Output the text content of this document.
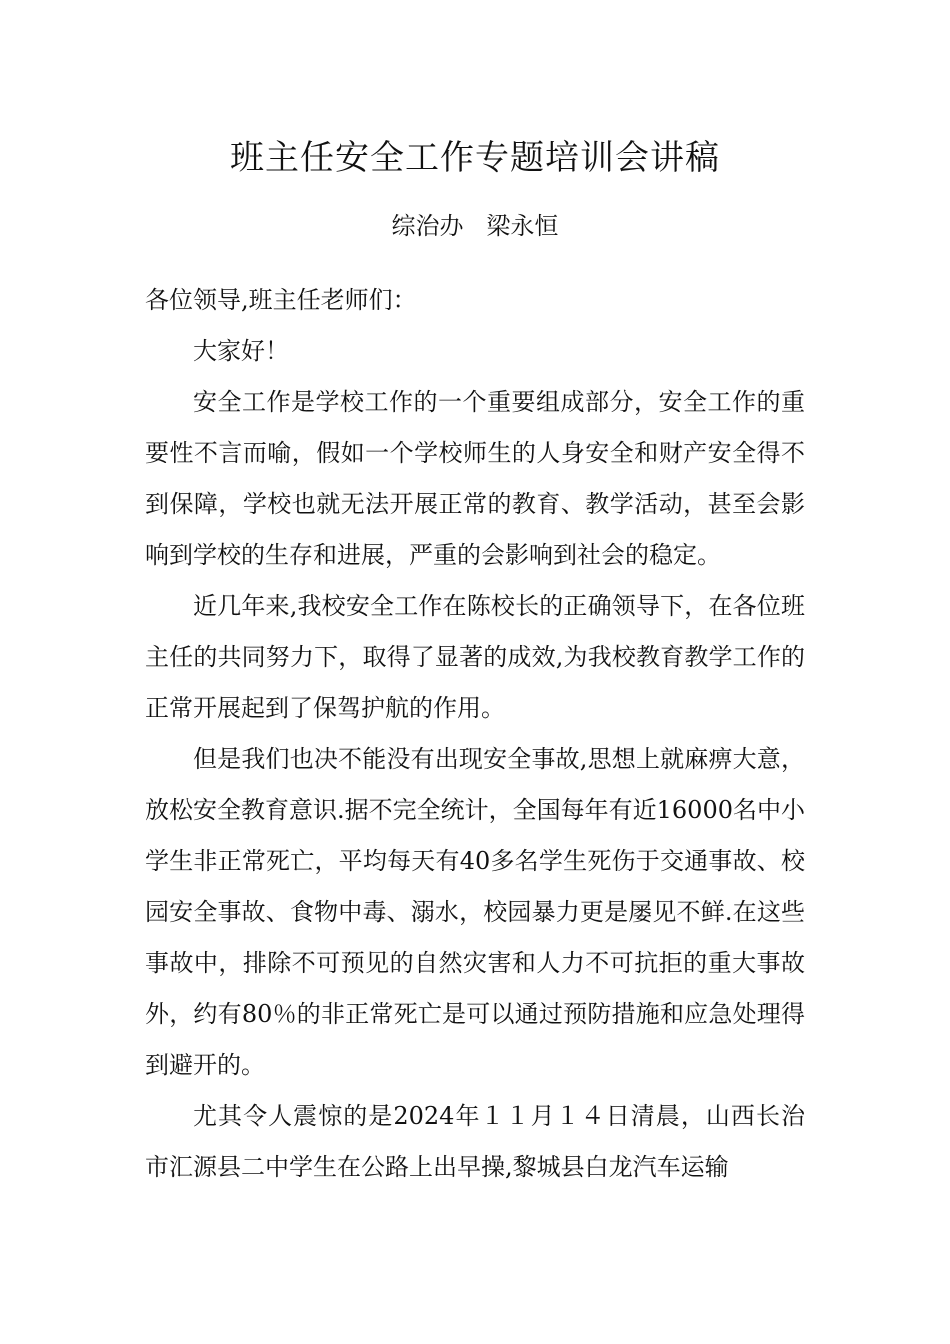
班主任安全工作专题培训会讲稿

综治办   梁永恒

各位领导,班主任老师们：

大家好！

安全工作是学校工作的一个重要组成部分，安全工作的重要性不言而喻，假如一个学校师生的人身安全和财产安全得不到保障，学校也就无法开展正常的教育、教学活动，甚至会影响到学校的生存和进展，严重的会影响到社会的稳定。

近几年来,我校安全工作在陈校长的正确领导下，在各位班主任的共同努力下，取得了显著的成效,为我校教育教学工作的正常开展起到了保驾护航的作用。

但是我们也决不能没有出现安全事故,思想上就麻痹大意，放松安全教育意识.据不完全统计，全国每年有近16000名中小学生非正常死亡，平均每天有40多名学生死伤于交通事故、校园安全事故、食物中毒、溺水，校园暴力更是屡见不鲜.在这些事故中，排除不可预见的自然灾害和人力不可抗拒的重大事故外，约有80％的非正常死亡是可以通过预防措施和应急处理得到避开的。

尤其令人震惊的是2024年１１月１４日清晨，山西长治市汇源县二中学生在公路上出早操,黎城县白龙汽车运输
